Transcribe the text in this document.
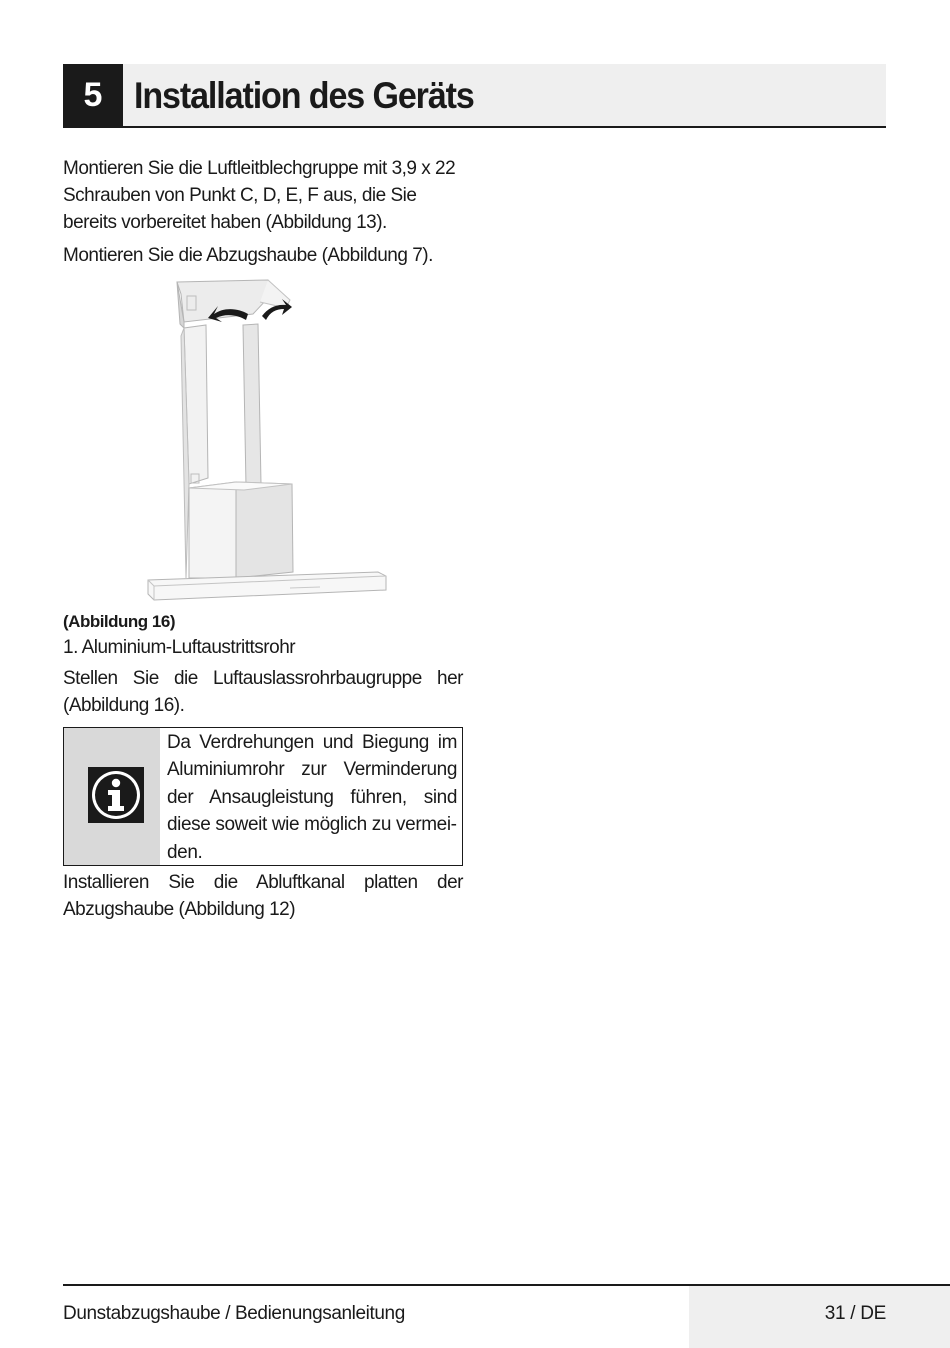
5 Installation des Geräts

Montieren Sie die Luftleitblechgruppe mit 3,9 x 22 Schrauben von Punkt C, D, E, F aus, die Sie bereits vorbereitet haben (Abbildung 13).

Montieren Sie die Abzugshaube (Abbildung 7).

(Abbildung 16)

1. Aluminium-Luftaustrittsrohr

Stellen Sie die Luftauslassrohrbaugruppe her (Abbildung 16).

Da Verdrehungen und Biegung im Aluminiumrohr zur Verminderung der Ansaugleistung führen, sind diese soweit wie möglich zu vermeiden.
Installieren Sie die Abluftkanal platten der Abzugshaube (Abbildung 12)
Dunstabzugshaube / Bedienungsanleitung	31 / DE
